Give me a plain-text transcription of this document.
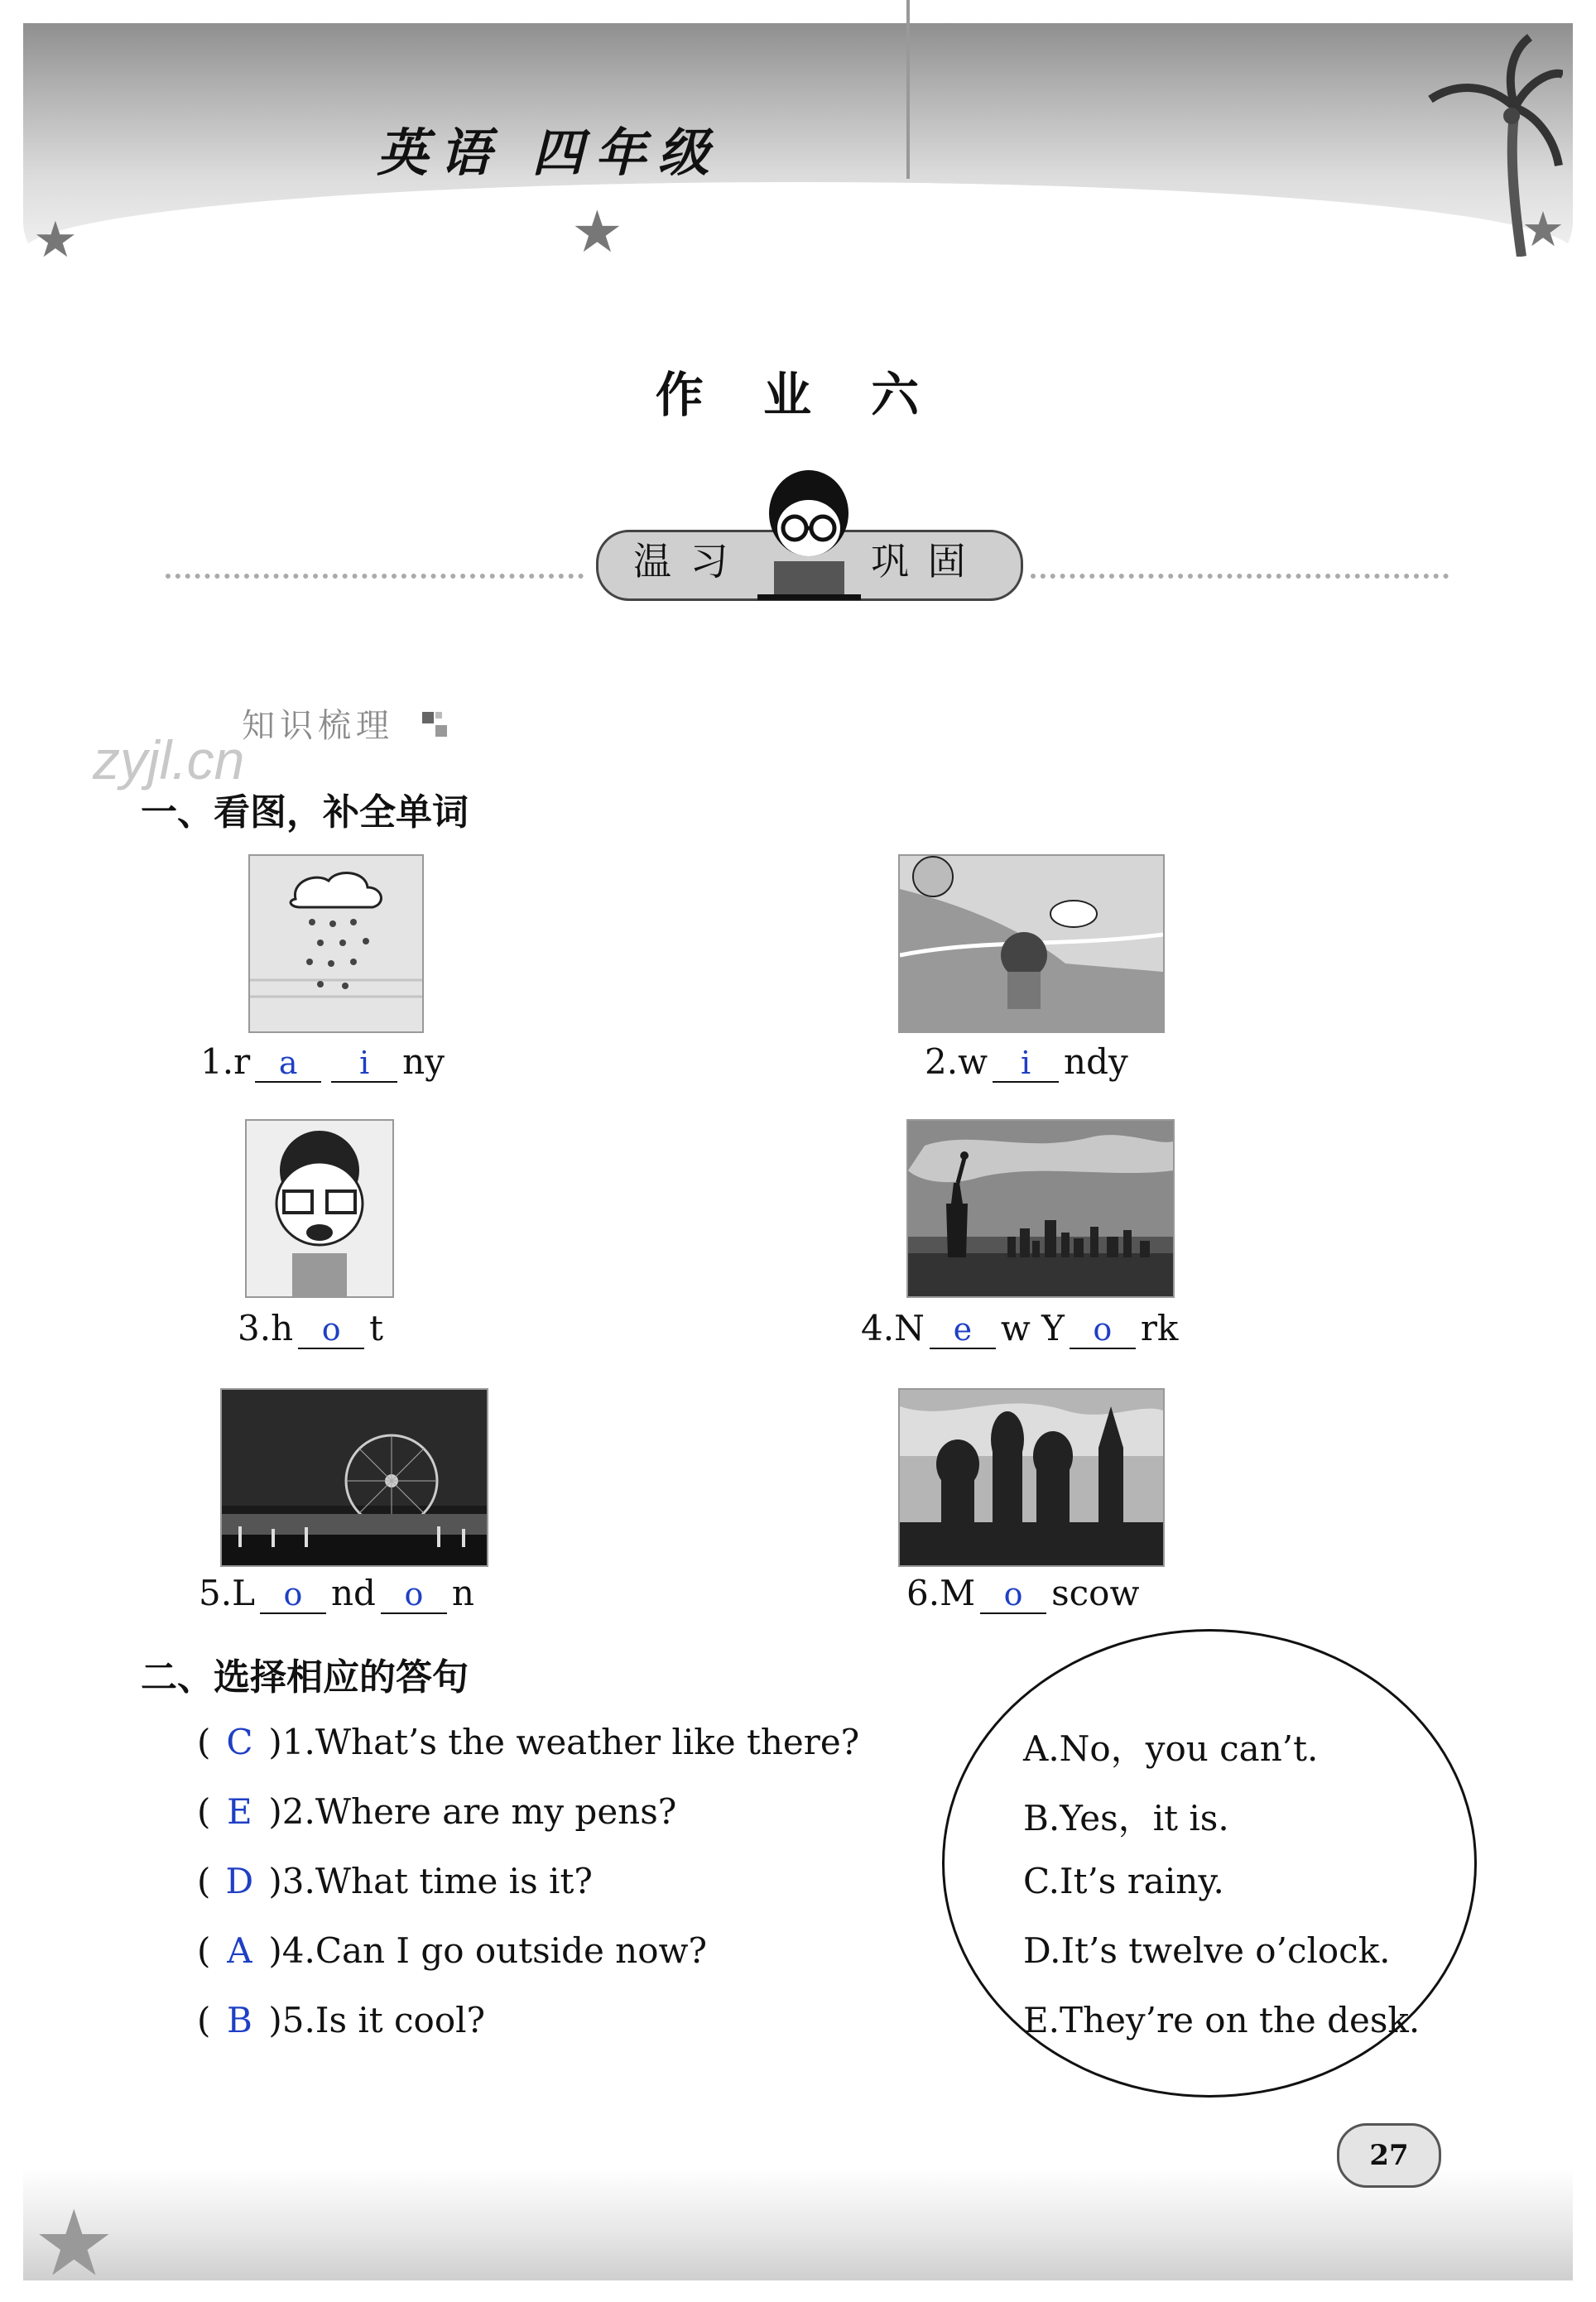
英语 四年级
★	★	★
作 业 六
温 习	巩 固
知识梳理
zyjl.cn
一、看图，补全单词
1.r a i ny	2.w i ndy
3.h o t	4.N e w Y o rk
5.L o nd o n	6.M o scow
二、选择相应的答句
( C )1.What’s the weather like there?
( E )2.Where are my pens?
( D )3.What time is it?
( A )4.Can I go outside now?
( B )5.Is it cool?
A.No，you can’t.
B.Yes，it is.
C.It’s rainy.
D.It’s twelve o’clock.
E.They’re on the desk.
★
27
